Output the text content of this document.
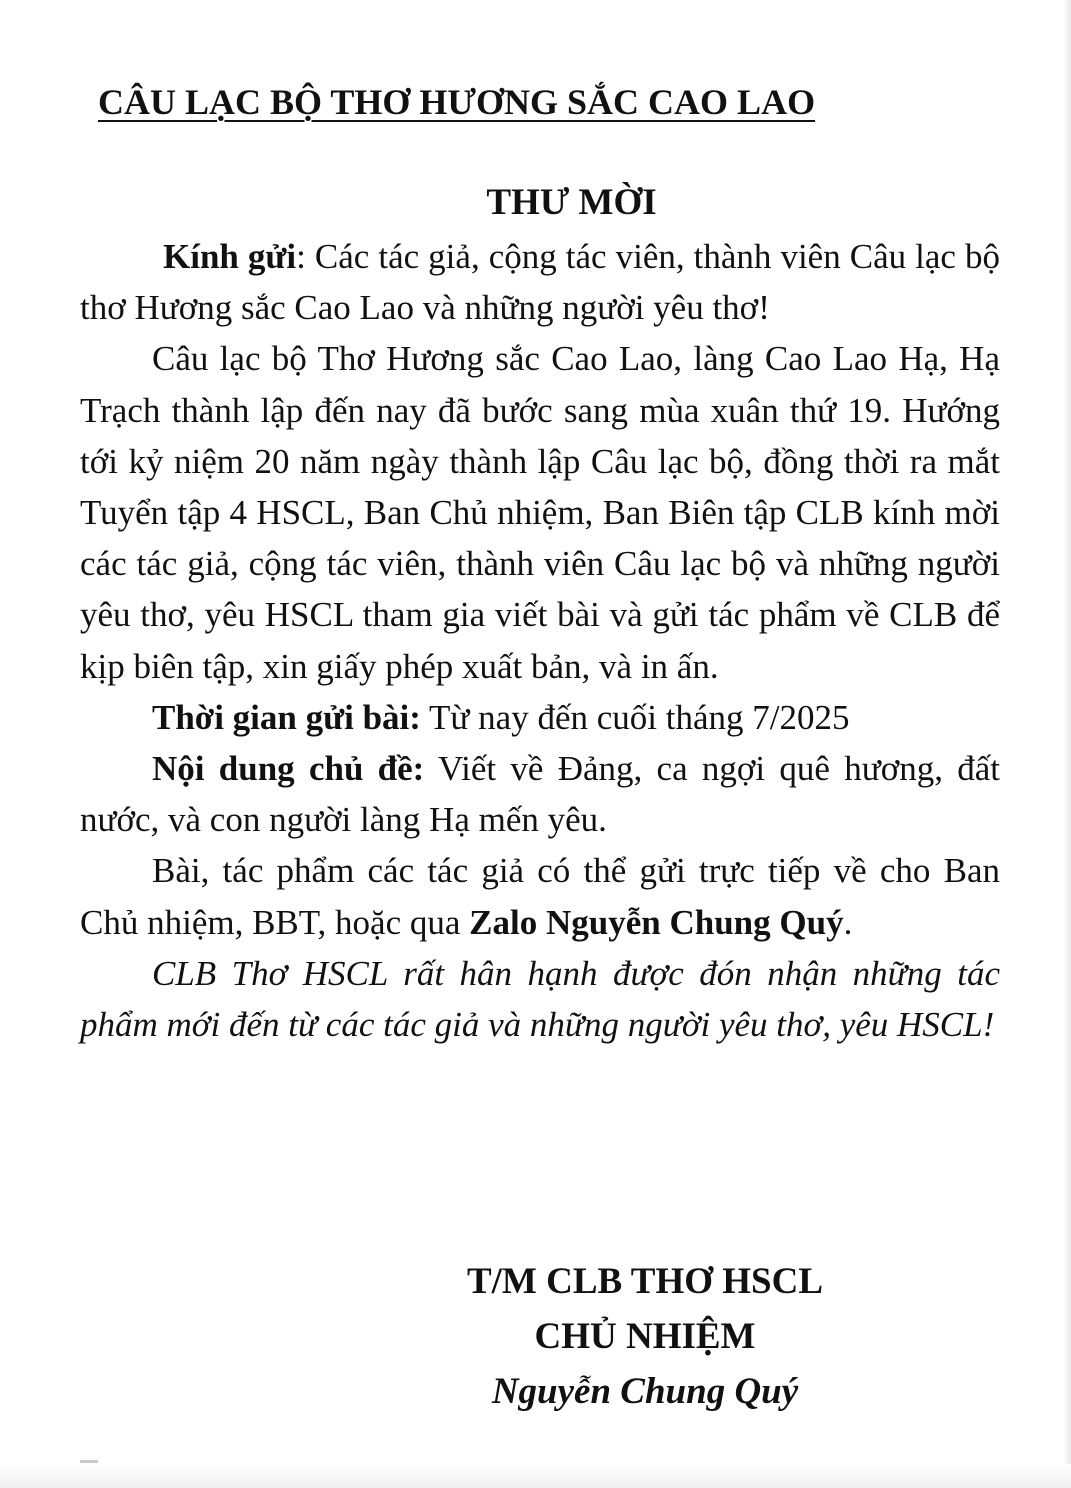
CÂU LẠC BỘ THƠ HƯƠNG SẮC CAO LAO
THƯ MỜI

Kính gửi: Các tác giả, cộng tác viên, thành viên Câu lạc bộ thơ Hương sắc Cao Lao và những người yêu thơ!

Câu lạc bộ Thơ Hương sắc Cao Lao, làng Cao Lao Hạ, Hạ Trạch thành lập đến nay đã bước sang mùa xuân thứ 19. Hướng tới kỷ niệm 20 năm ngày thành lập Câu lạc bộ, đồng thời ra mắt Tuyển tập 4 HSCL, Ban Chủ nhiệm, Ban Biên tập CLB kính mời các tác giả, cộng tác viên, thành viên Câu lạc bộ và những người yêu thơ, yêu HSCL tham gia viết bài và gửi tác phẩm về CLB để kịp biên tập, xin giấy phép xuất bản, và in ấn.

Thời gian gửi bài: Từ nay đến cuối tháng 7/2025

Nội dung chủ đề: Viết về Đảng, ca ngợi quê hương, đất nước, và con người làng Hạ mến yêu.

Bài, tác phẩm các tác giả có thể gửi trực tiếp về cho Ban Chủ nhiệm, BBT, hoặc qua Zalo Nguyễn Chung Quý.

CLB Thơ HSCL rất hân hạnh được đón nhận những tác phẩm mới đến từ các tác giả và những người yêu thơ, yêu HSCL!

T/M CLB THƠ HSCL
CHỦ NHIỆM
Nguyễn Chung Quý
